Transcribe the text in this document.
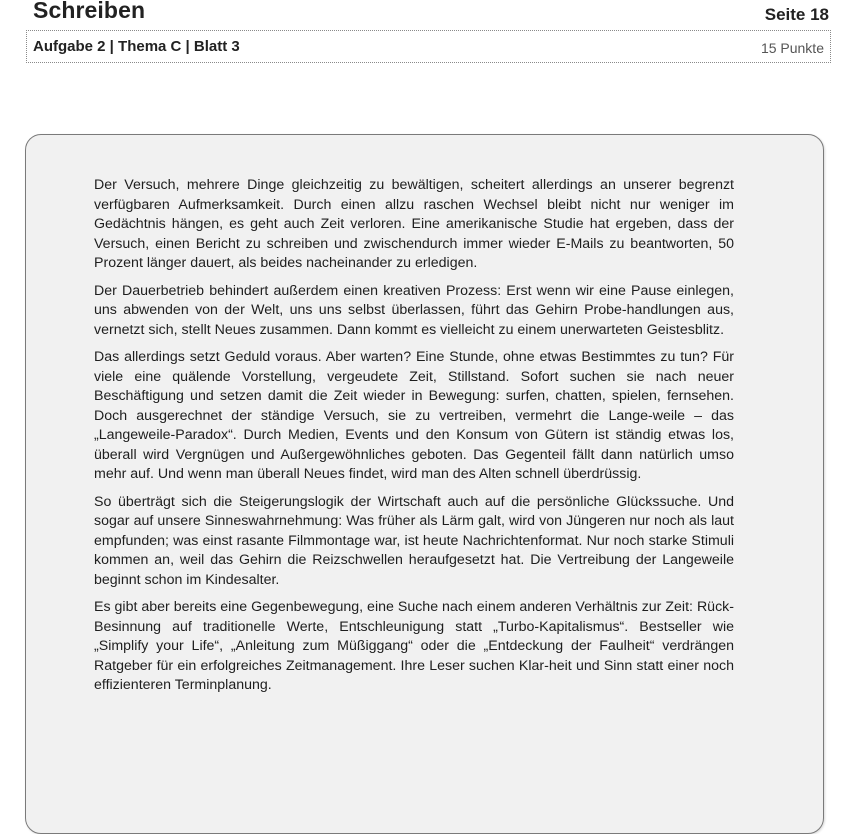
Schreiben	Seite 18
Aufgabe 2 | Thema C | Blatt 3	15 Punkte

Der Versuch, mehrere Dinge gleichzeitig zu bewältigen, scheitert allerdings an unserer begrenzt verfügbaren Aufmerksamkeit. Durch einen allzu raschen Wechsel bleibt nicht nur weniger im Gedächtnis hängen, es geht auch Zeit verloren. Eine amerikanische Studie hat ergeben, dass der Versuch, einen Bericht zu schreiben und zwischendurch immer wieder E-Mails zu beantworten, 50 Prozent länger dauert, als beides nacheinander zu erledigen.

Der Dauerbetrieb behindert außerdem einen kreativen Prozess: Erst wenn wir eine Pause einlegen, uns abwenden von der Welt, uns uns selbst überlassen, führt das Gehirn Probe-handlungen aus, vernetzt sich, stellt Neues zusammen. Dann kommt es vielleicht zu einem unerwarteten Geistesblitz.

Das allerdings setzt Geduld voraus. Aber warten? Eine Stunde, ohne etwas Bestimmtes zu tun? Für viele eine quälende Vorstellung, vergeudete Zeit, Stillstand. Sofort suchen sie nach neuer Beschäftigung und setzen damit die Zeit wieder in Bewegung: surfen, chatten, spielen, fernsehen. Doch ausgerechnet der ständige Versuch, sie zu vertreiben, vermehrt die Lange-weile – das „Langeweile-Paradox“. Durch Medien, Events und den Konsum von Gütern ist ständig etwas los, überall wird Vergnügen und Außergewöhnliches geboten. Das Gegenteil fällt dann natürlich umso mehr auf. Und wenn man überall Neues findet, wird man des Alten schnell überdrüssig.

So überträgt sich die Steigerungslogik der Wirtschaft auch auf die persönliche Glückssuche. Und sogar auf unsere Sinneswahrnehmung: Was früher als Lärm galt, wird von Jüngeren nur noch als laut empfunden; was einst rasante Filmmontage war, ist heute Nachrichtenformat. Nur noch starke Stimuli kommen an, weil das Gehirn die Reizschwellen heraufgesetzt hat. Die Vertreibung der Langeweile beginnt schon im Kindesalter.

Es gibt aber bereits eine Gegenbewegung, eine Suche nach einem anderen Verhältnis zur Zeit: Rück-Besinnung auf traditionelle Werte, Entschleunigung statt „Turbo-Kapitalismus“. Bestseller wie „Simplify your Life“, „Anleitung zum Müßiggang“ oder die „Entdeckung der Faulheit“ verdrängen Ratgeber für ein erfolgreiches Zeitmanagement. Ihre Leser suchen Klar-heit und Sinn statt einer noch effizienteren Terminplanung.
